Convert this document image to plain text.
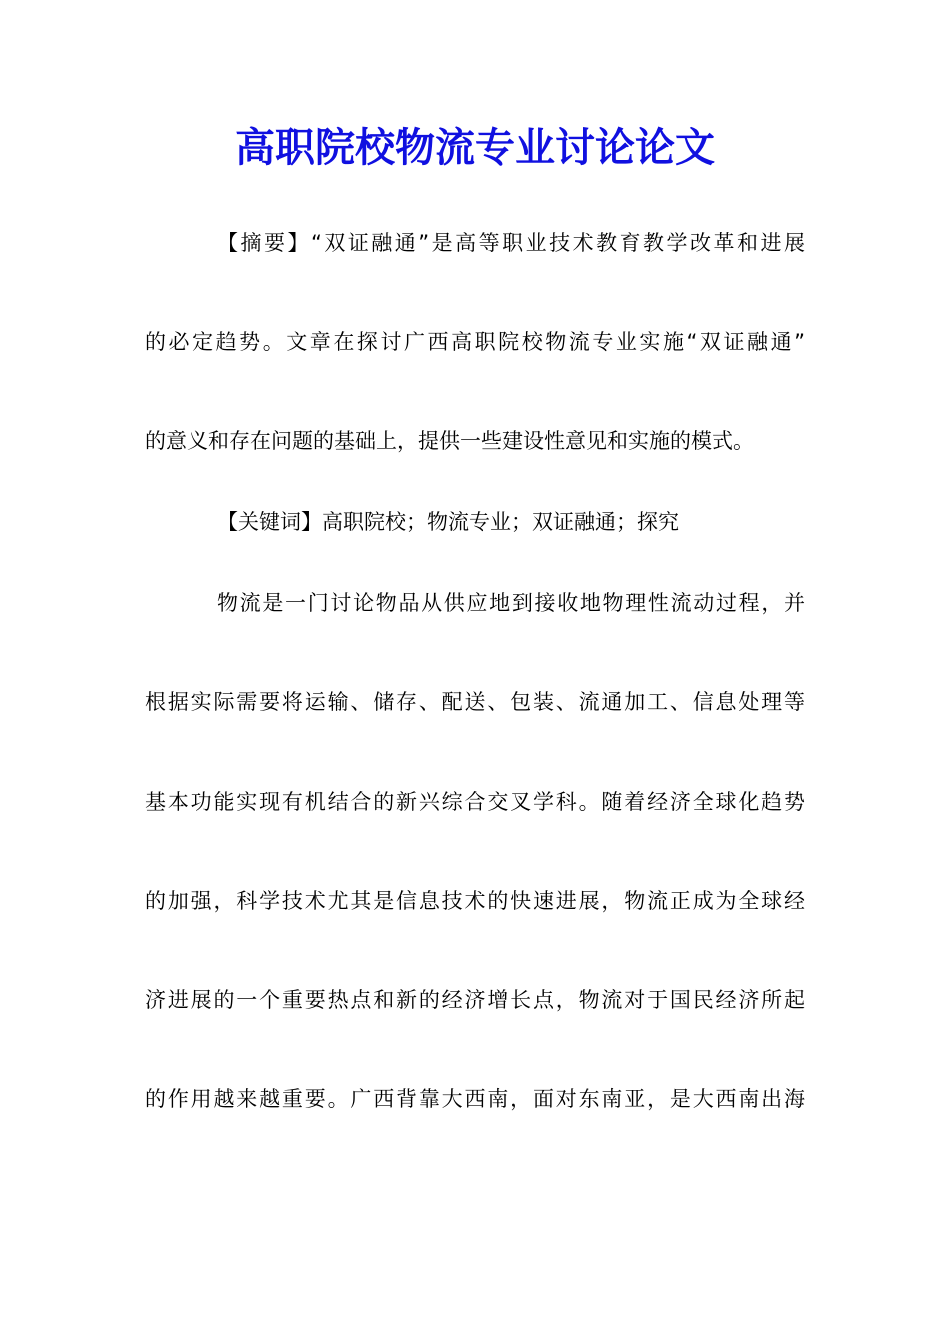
高职院校物流专业讨论论文

【摘要】“双证融通”是高等职业技术教育教学改革和进展

的必定趋势。文章在探讨广西高职院校物流专业实施“双证融通”

的意义和存在问题的基础上，提供一些建设性意见和实施的模式。

【关键词】高职院校；物流专业；双证融通；探究

物流是一门讨论物品从供应地到接收地物理性流动过程，并

根据实际需要将运输、储存、配送、包装、流通加工、信息处理等

基本功能实现有机结合的新兴综合交叉学科。随着经济全球化趋势

的加强，科学技术尤其是信息技术的快速进展，物流正成为全球经

济进展的一个重要热点和新的经济增长点，物流对于国民经济所起

的作用越来越重要。广西背靠大西南，面对东南亚，是大西南出海
